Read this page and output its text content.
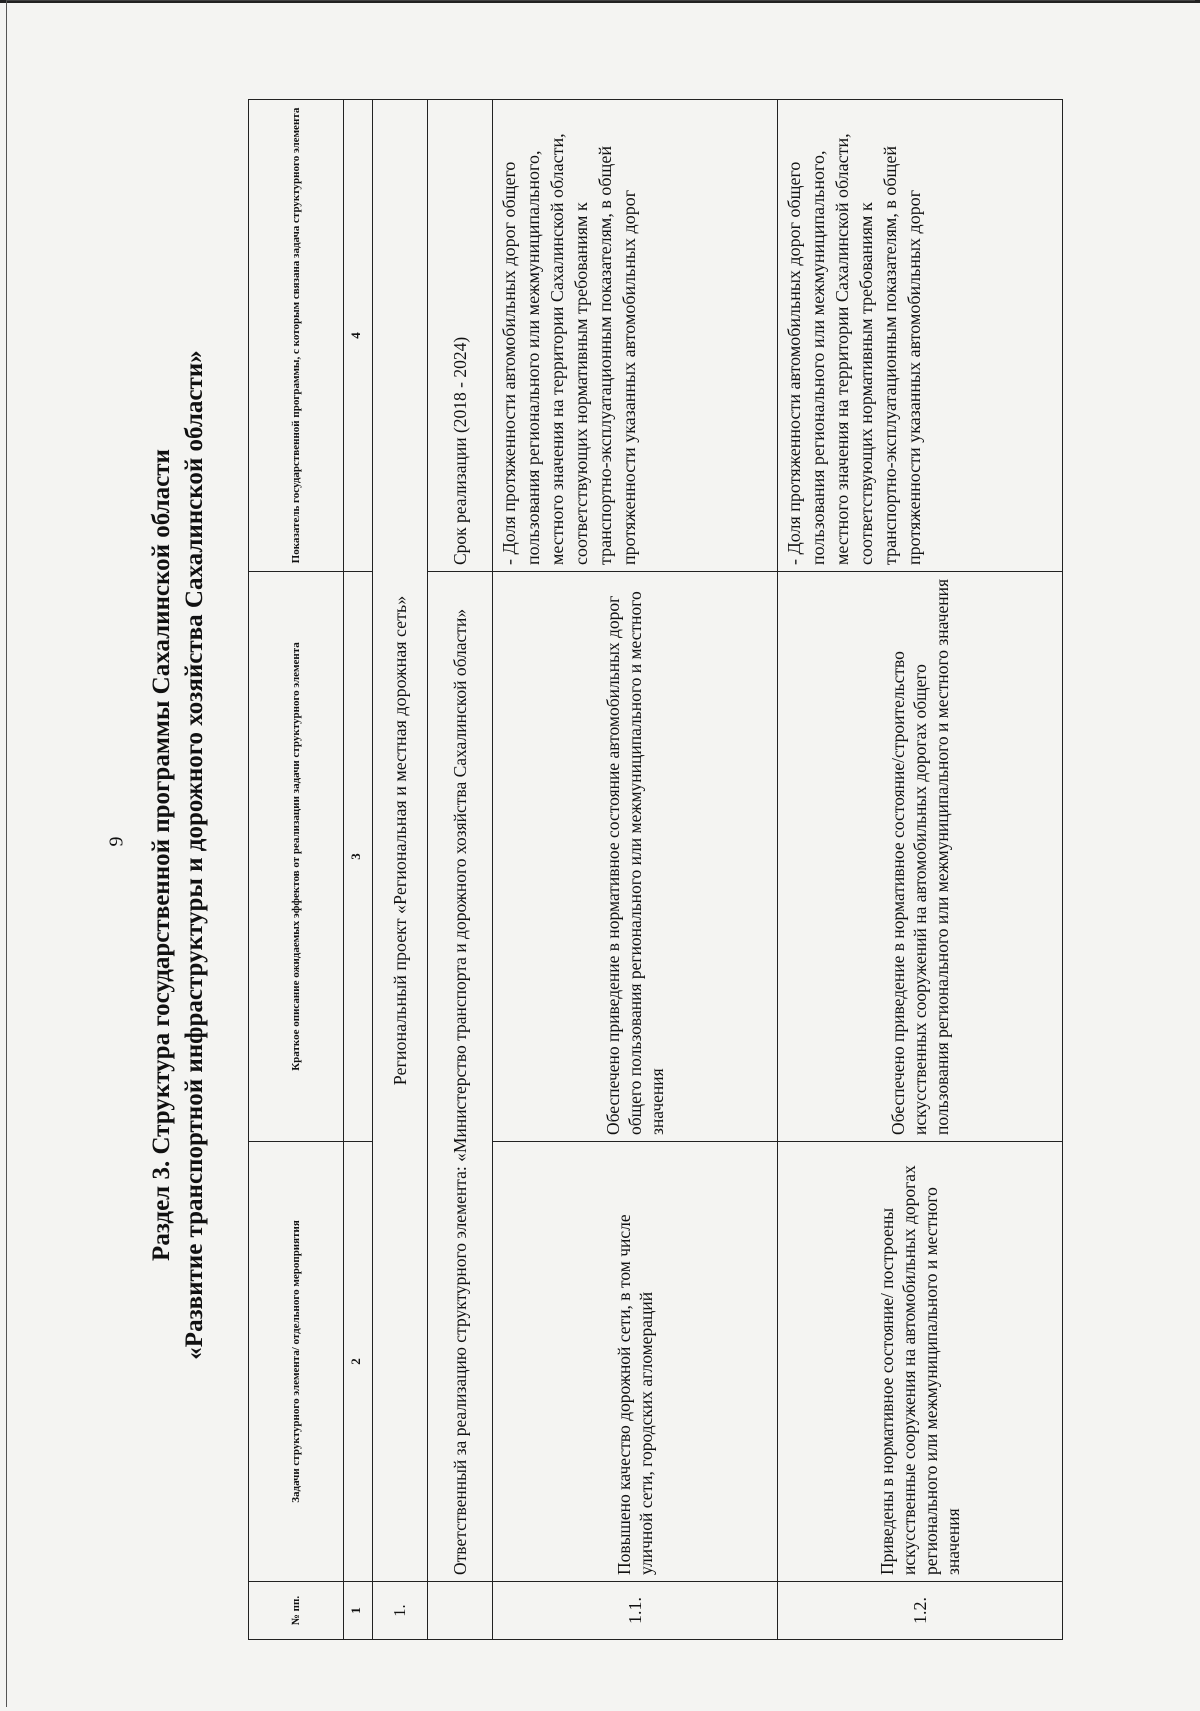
9 Раздел 3. Структура государственной программы Сахалинской области «Развитие транспортной инфраструктуры и дорожного хозяйства Сахалинской области»
№ пп.	Задачи структурного элемента/ отдельного мероприятия	Краткое описание ожидаемых эффектов от реализации задачи структурного элемента	Показатель государственной программы, с которым связана задача структурного элемента
1	2	3	4
1.	Региональный проект «Региональная и местная дорожная сеть»		
	Ответственный за реализацию структурного элемента: «Министерство транспорта и дорожного хозяйства Сахалинской области»		Срок реализации (2018 - 2024)
1.1.	Повышено качество дорожной сети, в том числе уличной сети, городских агломераций	Обеспечено приведение в нормативное состояние автомобильных дорог общего пользования регионального или межмуниципального и местного значения	- Доля протяженности автомобильных дорог общего пользования регионального или межмуниципального, местного значения на территории Сахалинской области, соответствующих нормативным требованиям к транспортно-эксплуатационным показателям, в общей протяженности указанных автомобильных дорог
1.2.	Приведены в нормативное состояние/ построены искусственные сооружения на автомобильных дорогах регионального или межмуниципального и местного значения	Обеспечено приведение в нормативное состояние/строительство искусственных сооружений на автомобильных дорогах общего пользования регионального или межмуниципального и местного значения	- Доля протяженности автомобильных дорог общего пользования регионального или межмуниципального, местного значения на территории Сахалинской области, соответствующих нормативным требованиям к транспортно-эксплуатационным показателям, в общей протяженности указанных автомобильных дорог
